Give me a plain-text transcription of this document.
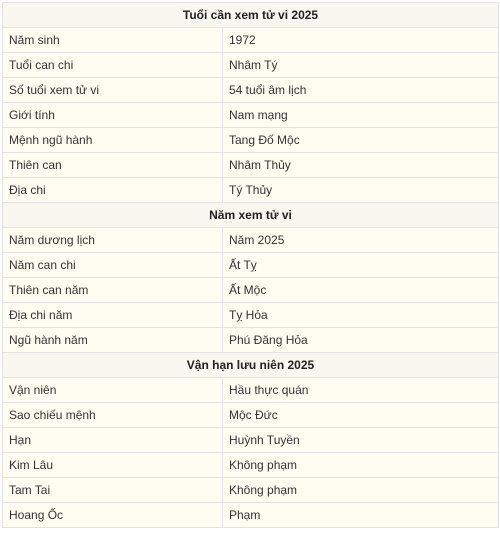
Tuổi cần xem tử vi 2025	
Năm sinh	1972
Tuổi can chi	Nhâm Tý
Số tuổi xem tử vi	54 tuổi âm lịch
Giới tính	Nam mạng
Mệnh ngũ hành	Tang Đố Mộc
Thiên can	Nhâm Thủy
Địa chi	Tý Thủy
Năm xem tử vi	
Năm dương lịch	Năm 2025
Năm can chi	Ất Tỵ
Thiên can năm	Ất Mộc
Địa chi năm	Tỵ Hỏa
Ngũ hành năm	Phú Đăng Hỏa
Vận hạn lưu niên 2025	
Vận niên	Hầu thực quán
Sao chiếu mệnh	Mộc Đức
Hạn	Huỳnh Tuyền
Kim Lâu	Không phạm
Tam Tai	Không phạm
Hoang Ốc	Phạm
